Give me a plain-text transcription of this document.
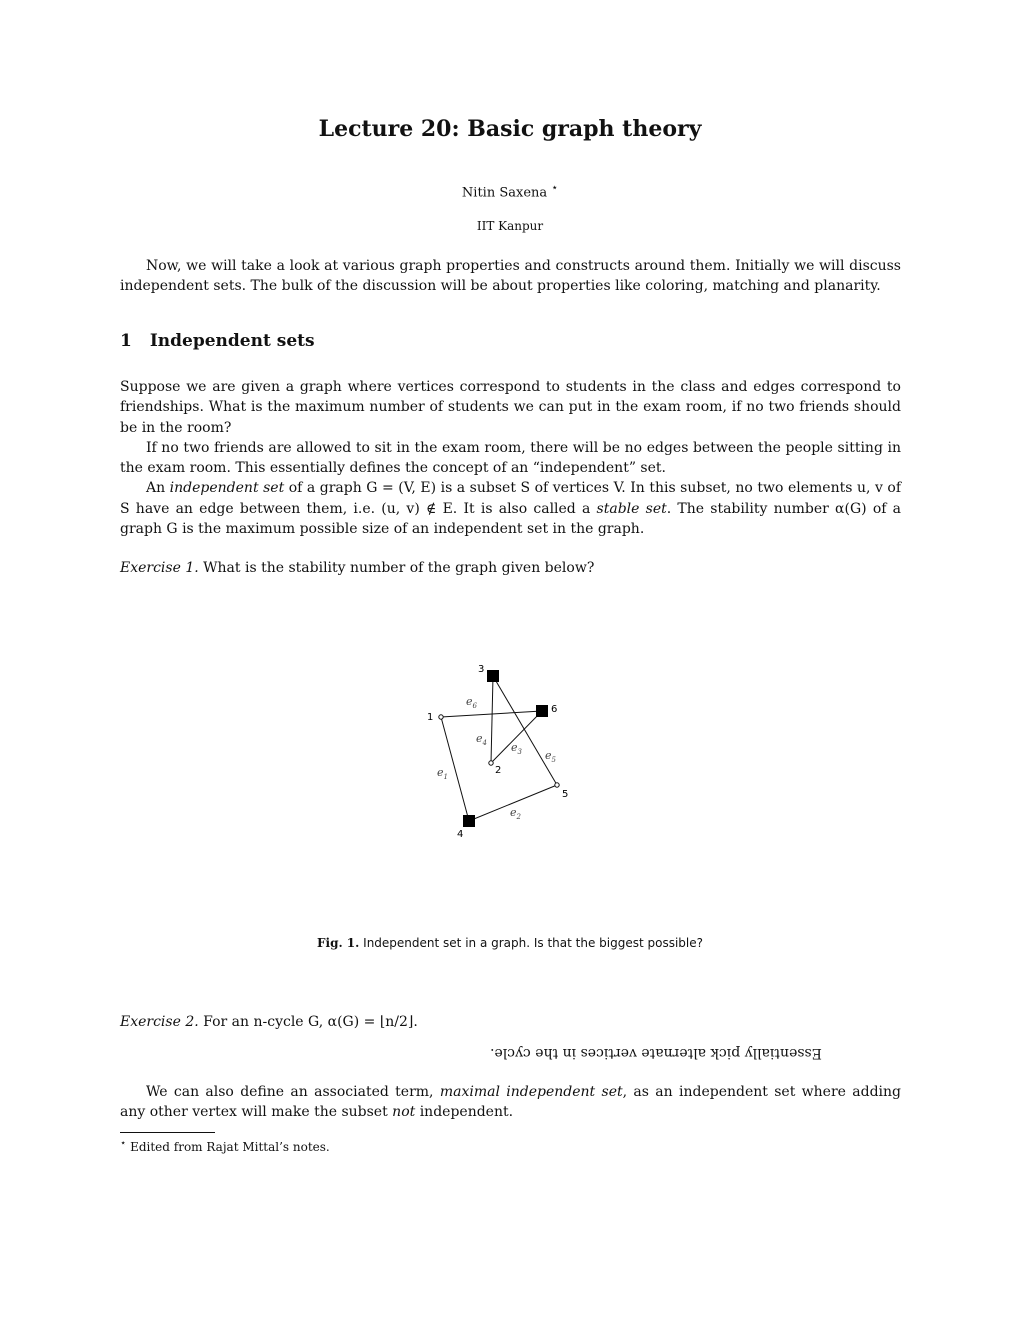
Lecture 20: Basic graph theory
Nitin Saxena ⋆
IIT Kanpur
Now, we will take a look at various graph properties and constructs around them. Initially we will discuss independent sets. The bulk of the discussion will be about properties like coloring, matching and planarity.
1 Independent sets
Suppose we are given a graph where vertices correspond to students in the class and edges correspond to friendships. What is the maximum number of students we can put in the exam room, if no two friends should be in the room?
If no two friends are allowed to sit in the exam room, there will be no edges between the people sitting in the exam room. This essentially defines the concept of an “independent” set.
An independent set of a graph G = (V, E) is a subset S of vertices V. In this subset, no two elements u, v of S have an edge between them, i.e. (u, v) ∉ E. It is also called a stable set. The stability number α(G) of a graph G is the maximum possible size of an independent set in the graph.
Exercise 1. What is the stability number of the graph given below?
1
2
3
4
5
6
$e_1$
$e_2$
$e_3$
$e_4$
$e_5$
$e_6$
Fig. 1. Independent set in a graph. Is that the biggest possible?
Exercise 2. For an n-cycle G, α(G) = ⌊n/2⌋.
Essentially pick alternate vertices in the cycle.
We can also define an associated term, maximal independent set, as an independent set where adding any other vertex will make the subset not independent.
⋆ Edited from Rajat Mittal’s notes.
